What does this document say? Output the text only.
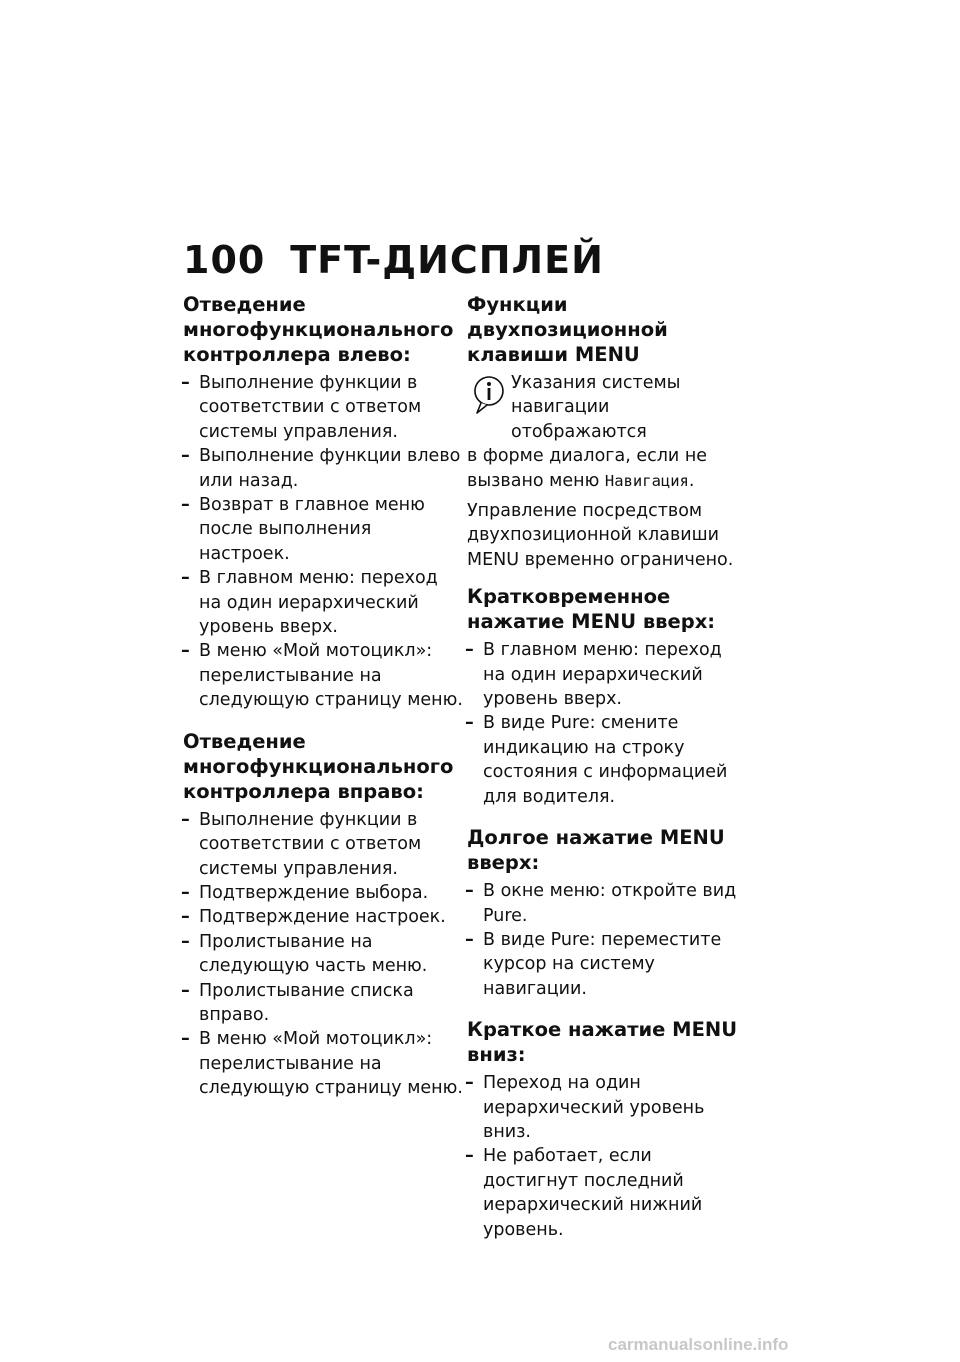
100 TFT-ДИСПЛЕЙ
Отведение многофункционального контроллера влево:
– Выполнение функции в соответствии с ответом системы управления.
– Выполнение функции влево или назад.
– Возврат в главное меню после выполнения настроек.
– В главном меню: переход на один иерархический уровень вверх.
– В меню «Мой мотоцикл»: перелистывание на следующую страницу меню.
Отведение многофункционального контроллера вправо:
– Выполнение функции в соответствии с ответом системы управления.
– Подтверждение выбора.
– Подтверждение настроек.
– Пролистывание на следующую часть меню.
– Пролистывание списка вправо.
– В меню «Мой мотоцикл»: перелистывание на следующую страницу меню.
Функции двухпозиционной клавиши MENU
Указания системы
навигации отображаются
в форме диалога, если не вызвано меню Навигация.

Управление посредством двухпозиционной клавиши MENU временно ограничено.

Кратковременное нажатие MENU вверх:
– В главном меню: переход на один иерархический уровень вверх.
– В виде Pure: смените индикацию на строку состояния с информацией для водителя.
Долгое нажатие MENU вверх:
– В окне меню: откройте вид Pure.
– В виде Pure: переместите курсор на систему навигации.
Краткое нажатие MENU вниз:
– Переход на один иерархический уровень вниз.
– Не работает, если достигнут последний иерархический нижний уровень.
carmanualsonline.info
